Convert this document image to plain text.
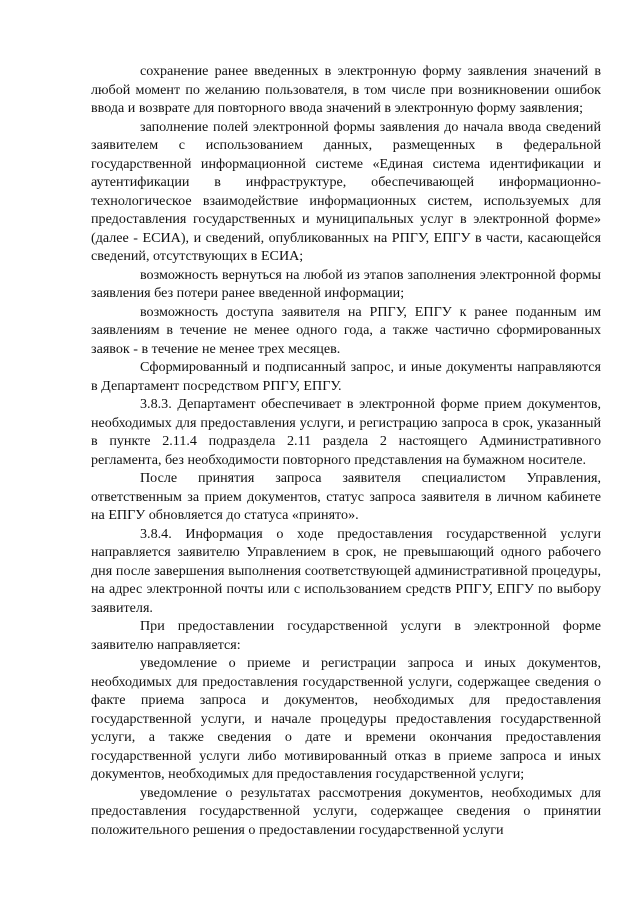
сохранение ранее введенных в электронную форму заявления значений в любой момент по желанию пользователя, в том числе при возникновении ошибок ввода и возврате для повторного ввода значений в электронную форму заявления;

заполнение полей электронной формы заявления до начала ввода сведений заявителем с использованием данных, размещенных в федеральной государственной информационной системе «Единая система идентификации и аутентификации в инфраструктуре, обеспечивающей информационно-технологическое взаимодействие информационных систем, используемых для предоставления государственных и муниципальных услуг в электронной форме» (далее - ЕСИА), и сведений, опубликованных на РПГУ, ЕПГУ в части, касающейся сведений, отсутствующих в ЕСИА;

возможность вернуться на любой из этапов заполнения электронной формы заявления без потери ранее введенной информации;

возможность доступа заявителя на РПГУ, ЕПГУ к ранее поданным им заявлениям в течение не менее одного года, а также частично сформированных заявок - в течение не менее трех месяцев.

Сформированный и подписанный запрос, и иные документы направляются в Департамент посредством РПГУ, ЕПГУ.

3.8.3. Департамент обеспечивает в электронной форме прием документов, необходимых для предоставления услуги, и регистрацию запроса в срок, указанный в пункте 2.11.4 подраздела 2.11 раздела 2 настоящего Административного регламента, без необходимости повторного представления на бумажном носителе.

После принятия запроса заявителя специалистом Управления, ответственным за прием документов, статус запроса заявителя в личном кабинете на ЕПГУ обновляется до статуса «принято».

3.8.4. Информация о ходе предоставления государственной услуги направляется заявителю Управлением в срок, не превышающий одного рабочего дня после завершения выполнения соответствующей административной процедуры, на адрес электронной почты или с использованием средств РПГУ, ЕПГУ по выбору заявителя.

При предоставлении государственной услуги в электронной форме заявителю направляется:

уведомление о приеме и регистрации запроса и иных документов, необходимых для предоставления государственной услуги, содержащее сведения о факте приема запроса и документов, необходимых для предоставления государственной услуги, и начале процедуры предоставления государственной услуги, а также сведения о дате и времени окончания предоставления государственной услуги либо мотивированный отказ в приеме запроса и иных документов, необходимых для предоставления государственной услуги;

уведомление о результатах рассмотрения документов, необходимых для предоставления государственной услуги, содержащее сведения о принятии положительного решения о предоставлении государственной услуги
